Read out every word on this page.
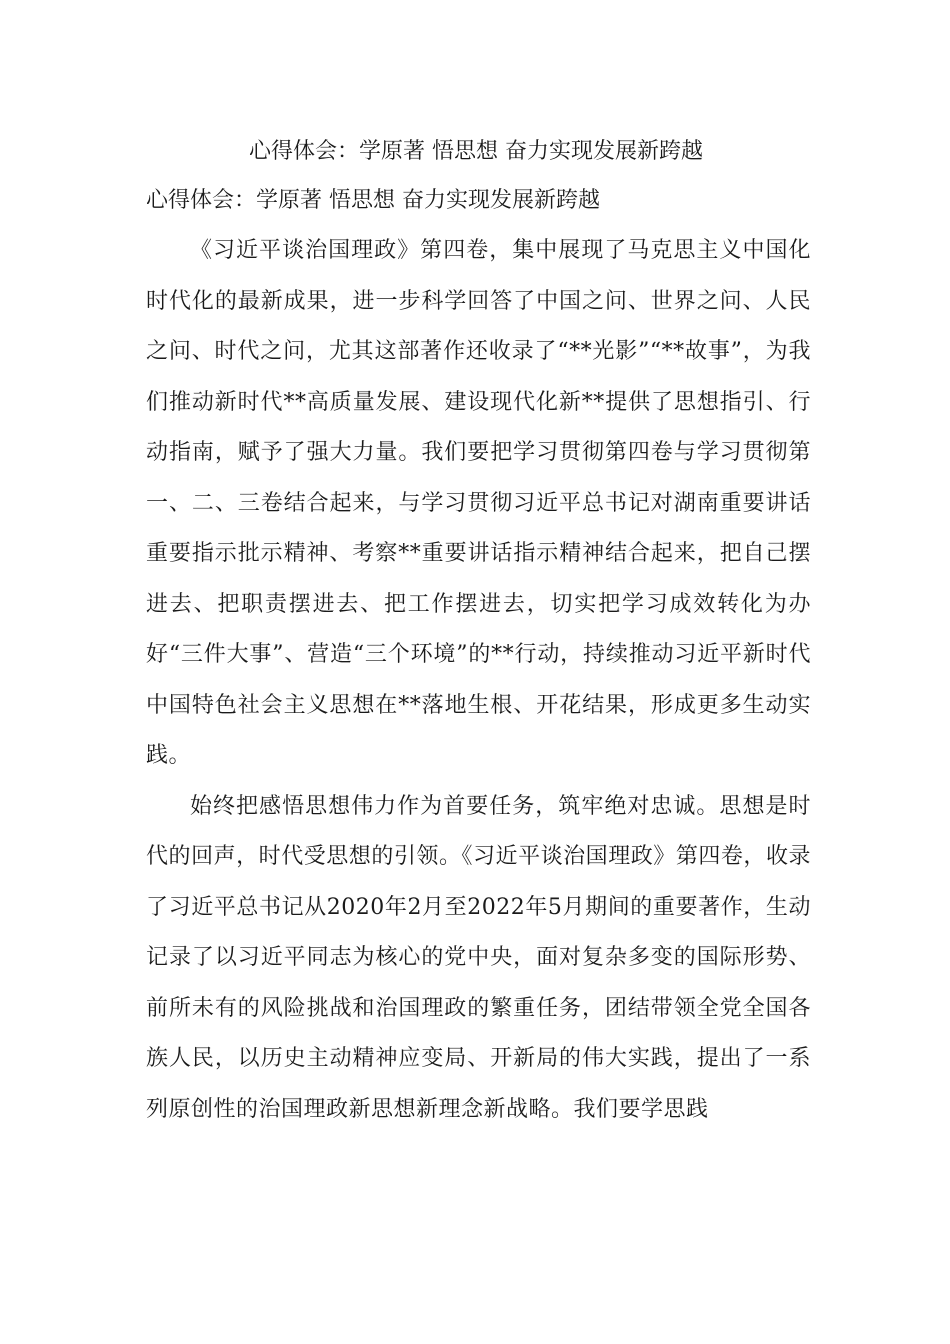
心得体会：学原著 悟思想 奋力实现发展新跨越
心得体会：学原著 悟思想 奋力实现发展新跨越

《习近平谈治国理政》第四卷，集中展现了马克思主义中国化时代化的最新成果，进一步科学回答了中国之问、世界之问、人民之问、时代之问，尤其这部著作还收录了“**光影”“**故事”，为我们推动新时代**高质量发展、建设现代化新**提供了思想指引、行动指南，赋予了强大力量。我们要把学习贯彻第四卷与学习贯彻第一、二、三卷结合起来，与学习贯彻习近平总书记对湖南重要讲话重要指示批示精神、考察**重要讲话指示精神结合起来，把自己摆进去、把职责摆进去、把工作摆进去，切实把学习成效转化为办好“三件大事”、营造“三个环境”的**行动，持续推动习近平新时代中国特色社会主义思想在**落地生根、开花结果，形成更多生动实践。

始终把感悟思想伟力作为首要任务，筑牢绝对忠诚。思想是时代的回声，时代受思想的引领。《习近平谈治国理政》第四卷，收录了习近平总书记从2020年2月至2022年5月期间的重要著作，生动记录了以习近平同志为核心的党中央，面对复杂多变的国际形势、前所未有的风险挑战和治国理政的繁重任务，团结带领全党全国各族人民，以历史主动精神应变局、开新局的伟大实践，提出了一系列原创性的治国理政新思想新理念新战略。我们要学思践
